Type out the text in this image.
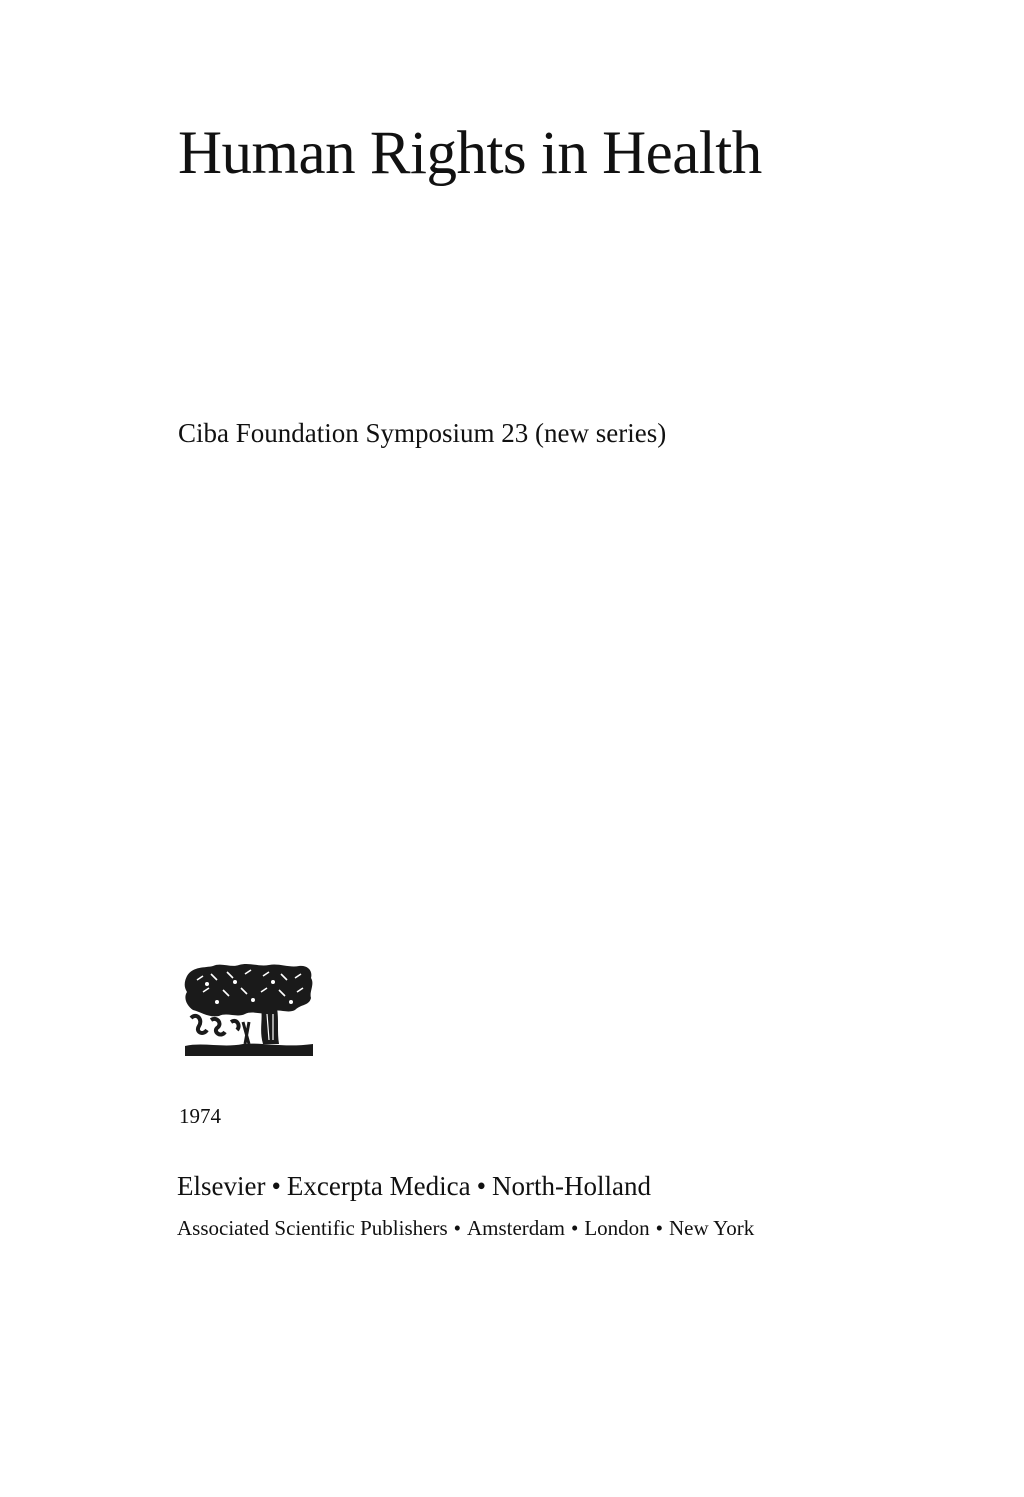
Human Rights in Health
Ciba Foundation Symposium 23 (new series)
1974
Elsevier • Excerpta Medica • North-Holland
Associated Scientific Publishers • Amsterdam • London • New York
